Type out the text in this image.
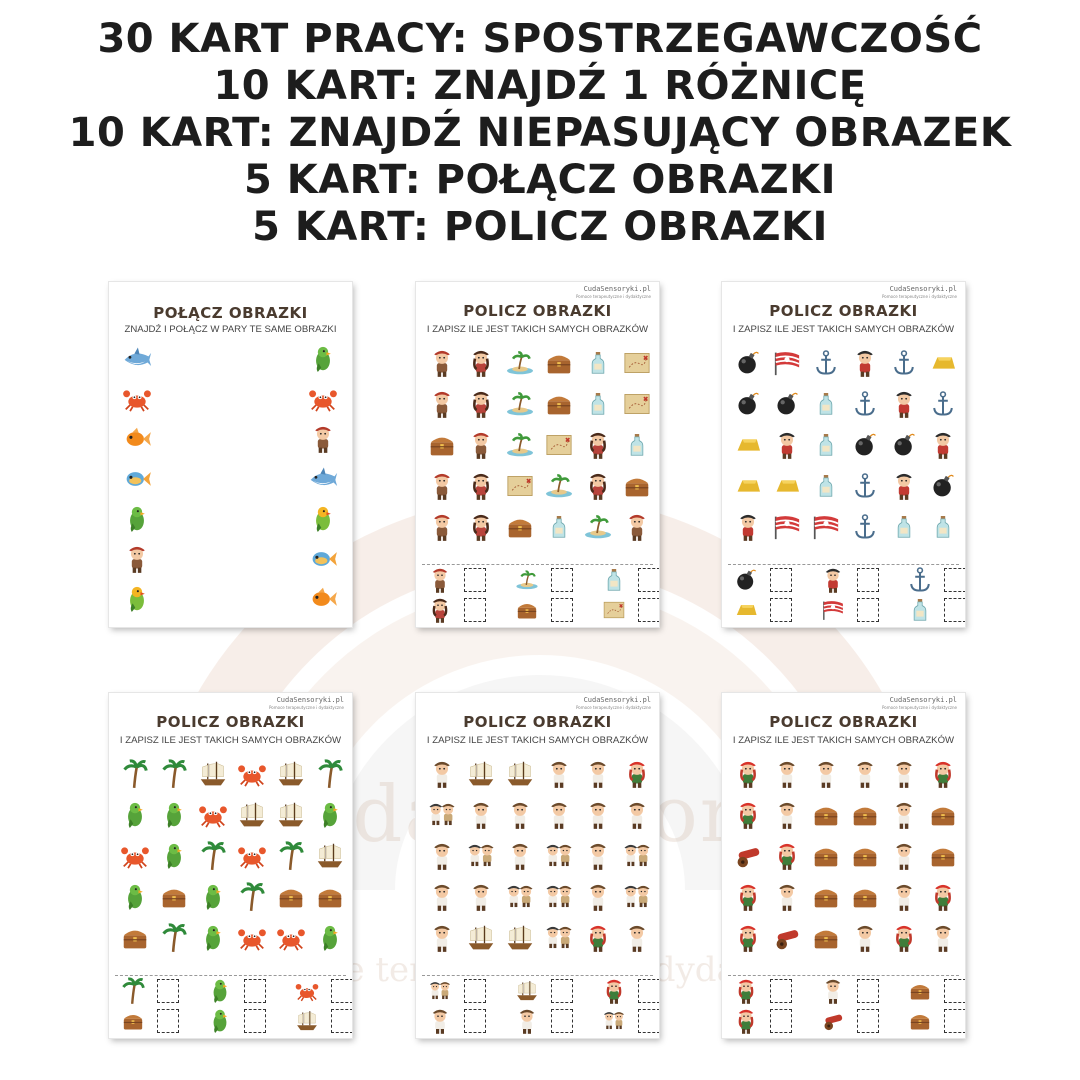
30 KART PRACY: SPOSTRZEGAWCZOŚĆ
10 KART: ZNAJDŹ 1 RÓŻNICĘ
10 KART: ZNAJDŹ NIEPASUJĄCY OBRAZEK
5 KART: POŁĄCZ OBRAZKI
5 KART: POLICZ OBRAZKI
POŁĄCZ OBRAZKI
ZNAJDŹ I POŁĄCZ W PARY TE SAME OBRAZKI
CudaSensoryki.pl
Pomoce terapeutyczne i dydaktyczne
POLICZ OBRAZKI
I ZAPISZ ILE JEST TAKICH SAMYCH OBRAZKÓW
CudaSensoryki.pl
Pomoce terapeutyczne i dydaktyczne
POLICZ OBRAZKI
I ZAPISZ ILE JEST TAKICH SAMYCH OBRAZKÓW
CudaSensoryki.pl
Pomoce terapeutyczne i dydaktyczne
POLICZ OBRAZKI
I ZAPISZ ILE JEST TAKICH SAMYCH OBRAZKÓW
CudaSensoryki.pl
Pomoce terapeutyczne i dydaktyczne
POLICZ OBRAZKI
I ZAPISZ ILE JEST TAKICH SAMYCH OBRAZKÓW
CudaSensoryki.pl
Pomoce terapeutyczne i dydaktyczne
POLICZ OBRAZKI
I ZAPISZ ILE JEST TAKICH SAMYCH OBRAZKÓW
